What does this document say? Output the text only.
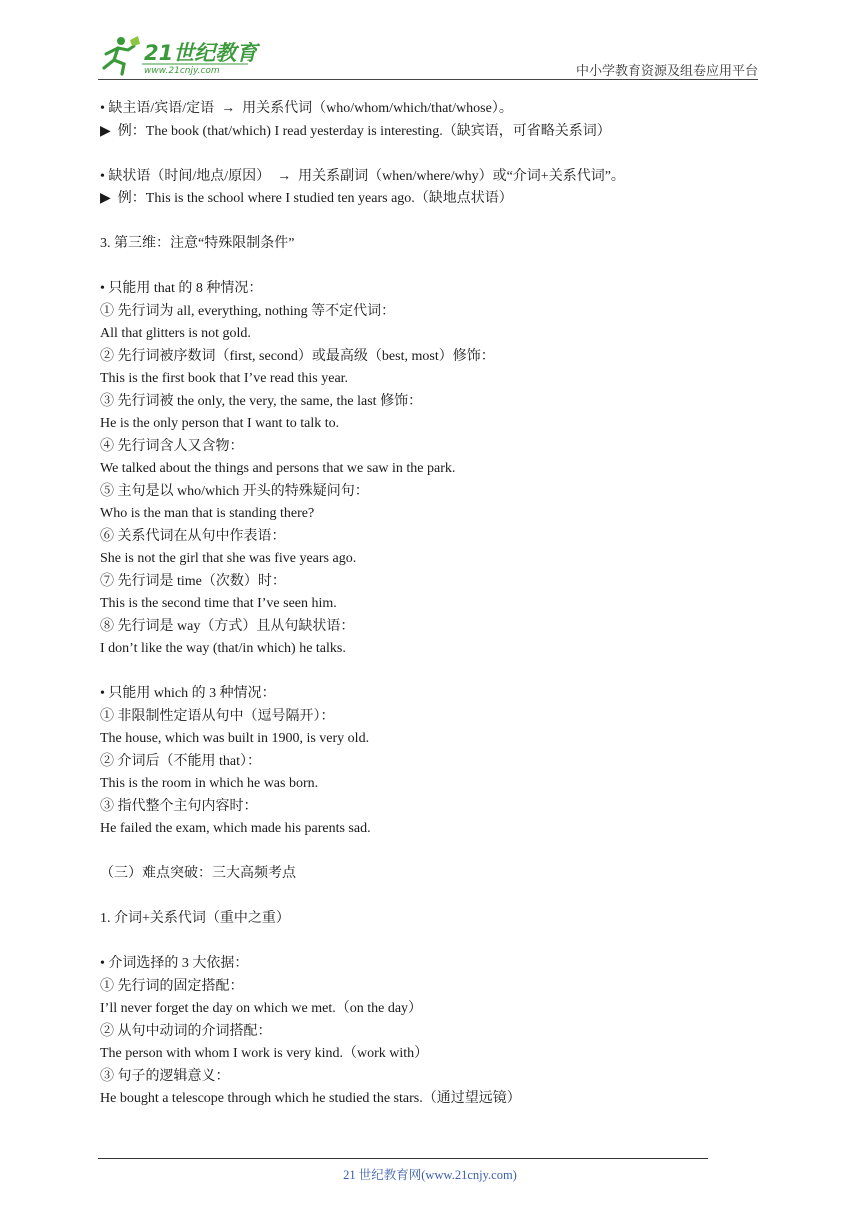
21世纪教育
www.21cnjy.com	中小学教育资源及组卷应用平台
• 缺主语/宾语/定语  →  用关系代词（who/whom/which/that/whose）。
▶  例：The book (that/which) I read yesterday is interesting.（缺宾语，可省略关系词）
• 缺状语（时间/地点/原因）  →  用关系副词（when/where/why）或“介词+关系代词”。
▶  例：This is the school where I studied ten years ago.（缺地点状语）
3. 第三维：注意“特殊限制条件”
• 只能用 that 的 8 种情况：
① 先行词为 all, everything, nothing 等不定代词：
All that glitters is not gold.
② 先行词被序数词（first, second）或最高级（best, most）修饰：
This is the first book that I’ve read this year.
③ 先行词被 the only, the very, the same, the last 修饰：
He is the only person that I want to talk to.
④ 先行词含人又含物：
We talked about the things and persons that we saw in the park.
⑤ 主句是以 who/which 开头的特殊疑问句：
Who is the man that is standing there?
⑥ 关系代词在从句中作表语：
She is not the girl that she was five years ago.
⑦ 先行词是 time（次数）时：
This is the second time that I’ve seen him.
⑧ 先行词是 way（方式）且从句缺状语：
I don’t like the way (that/in which) he talks.
• 只能用 which 的 3 种情况：
① 非限制性定语从句中（逗号隔开）：
The house, which was built in 1900, is very old.
② 介词后（不能用 that）：
This is the room in which he was born.
③ 指代整个主句内容时：
He failed the exam, which made his parents sad.
（三）难点突破：三大高频考点
1. 介词+关系代词（重中之重）
• 介词选择的 3 大依据：
① 先行词的固定搭配：
I’ll never forget the day on which we met.（on the day）
② 从句中动词的介词搭配：
The person with whom I work is very kind.（work with）
③ 句子的逻辑意义：
He bought a telescope through which he studied the stars.（通过望远镜）
21 世纪教育网(www.21cnjy.com)
